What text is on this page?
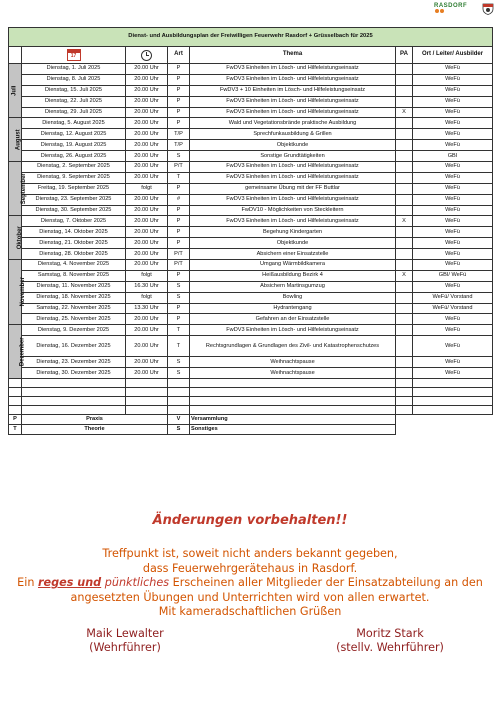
RASDORF
Dienst- und Ausbildungsplan der Freiwilligen Feuerwehr Rasdorf + Grüsselbach für 2025						

	17		Art	Thema	PA	Ort / Leiter/ Ausbilder
Juli	Dienstag, 1. Juli 2025	20.00 Uhr	P	FwDV3 Einheiten im Lösch- und Hilfeleistungseinsatz		WeFü
	Dienstag, 8. Juli 2025	20.00 Uhr	P	FwDV3 Einheiten im Lösch- und Hilfeleistungseinsatz		WeFü
	Dienstag, 15. Juli 2025	20.00 Uhr	P	FwDV3 + 10 Einheiten im Lösch- und Hilfeleistungseinsatz		WeFü
	Dienstag, 22. Juli 2025	20.00 Uhr	P	FwDV3 Einheiten im Lösch- und Hilfeleistungseinsatz		WeFü
	Dienstag, 29. Juli 2025	20.00 Uhr	P	FwDV3 Einheiten im Lösch- und Hilfeleistungseinsatz	X	WeFü
August	Dienstag, 5. August 2025	20.00 Uhr	P	Wald und Vegetationsbrände praktische Ausbildung		WeFü
	Dienstag, 12. August 2025	20.00 Uhr	T/P	Sprechfunkausbildung & Grillen		WeFü
	Dienstag, 19. August 2025	20.00 Uhr	T/P	Objektkunde		WeFü
	Dienstag, 26. August 2025	20.00 Uhr	S	Sonstige Grundtätigkeiten		GBI
September	Dienstag, 2. September 2025	20.00 Uhr	P/T	FwDV3 Einheiten im Lösch- und Hilfeleistungseinsatz		WeFü
	Dienstag, 9. September 2025	20.00 Uhr	T	FwDV3 Einheiten im Lösch- und Hilfeleistungseinsatz		WeFü
	Freitag, 19. September 2025	folgt	P	gemeinsame Übung mit der FF Buttlar		WeFü
	Dienstag, 23. September 2025	20.00 Uhr	#	FwDV3 Einheiten im Lösch- und Hilfeleistungseinsatz		WeFü
	Dienstag, 30. September 2025	20.00 Uhr	P	FwDV10 - Möglichkeiten von Steckleitern		WeFü
Oktober	Dienstag, 7. Oktober 2025	20.00 Uhr	P	FwDV3 Einheiten im Lösch- und Hilfeleistungseinsatz	X	WeFü
	Dienstag, 14. Oktober 2025	20.00 Uhr	P	Begehung Kindergarten		WeFü
	Dienstag, 21. Oktober 2025	20.00 Uhr	P	Objektkunde		WeFü
	Dienstag, 28. Oktober 2025	20.00 Uhr	P/T	Absichern einer Einsatzstelle		WeFü
November	Dienstag, 4. November 2025	20.00 Uhr	P/T	Umgang Wärmbildkamera		WeFü
	Samstag, 8. November 2025	folgt	P	Heißausbildung Bezirk 4	X	GBI/ WeFü
	Dienstag, 11. November 2025	16.30 Uhr	S	Absichern Martinsgumzug		WeFü
	Dienstag, 18. November 2025	folgt	S	Bowling		WeFü/ Vorstand
	Samstag, 22. November 2025	13.30 Uhr	P	Hydrantengang		WeFü/ Vorstand
	Dienstag, 25. November 2025	20.00 Uhr	P	Gefahren an der Einsatzstelle		WeFü
Dezember	Dienstag, 9. Dezember 2025	20.00 Uhr	T	FwDV3 Einheiten im Lösch- und Hilfeleistungseinsatz		WeFü
	Dienstag, 16. Dezember 2025	20.00 Uhr	T	Rechtsgrundlagen & Grundlagen des Zivil- und Katastrophenschutzes		WeFü
	Dienstag, 23. Dezember 2025	20.00 Uhr	S	Weihnachtspause		WeFü
	Dienstag, 30. Dezember 2025	20.00 Uhr	S	Weihnachtspause		WeFü

P	Praxis		V	Versammlung		
T	Theorie		S	Sonstiges		
Änderungen vorbehalten!!
Treffpunkt ist, soweit nicht anders bekannt gegeben,
dass Feuerwehrgerätehaus in Rasdorf.
Ein reges und pünktliches Erscheinen aller Mitglieder der Einsatzabteilung an den
angesetzten Übungen und Unterrichten wird von allen erwartet.
Mit kameradschaftlichen Grüßen
Maik Lewalter
(Wehrführer)
Moritz Stark
(stellv. Wehrführer)
